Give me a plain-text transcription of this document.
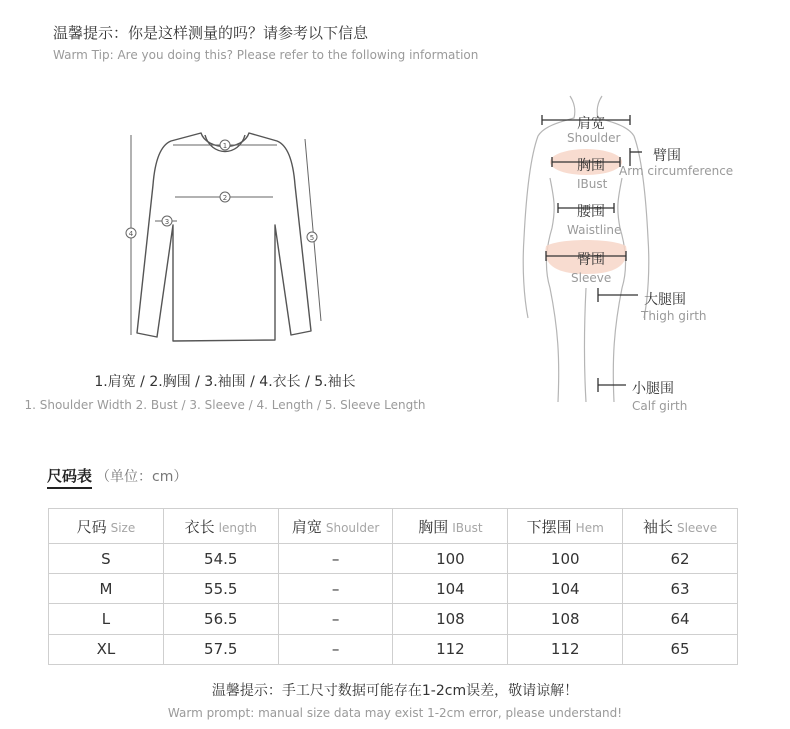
温馨提示：你是这样测量的吗？请参考以下信息
Warm Tip: Are you doing this? Please refer to the following information
1
2
3
4	5
1.肩宽 / 2.胸围 / 3.袖围 / 4.衣长 / 5.袖长
1. Shoulder Width 2. Bust / 3. Sleeve / 4. Length / 5. Sleeve Length
肩宽
Shoulder
臂围
Arm circumference
胸围
IBust
腰围
Waistline
臀围
Sleeve
大腿围
Thigh girth
小腿围
Calf girth
尺码表 （单位：cm）
尺码 Size	衣长 length	肩宽 Shoulder	胸围 IBust	下摆围 Hem	袖长 Sleeve
S	54.5	–	100	100	62
M	55.5	–	104	104	63
L	56.5	–	108	108	64
XL	57.5	–	112	112	65
温馨提示：手工尺寸数据可能存在1-2cm误差，敬请谅解！
Warm prompt: manual size data may exist 1-2cm error, please understand!
